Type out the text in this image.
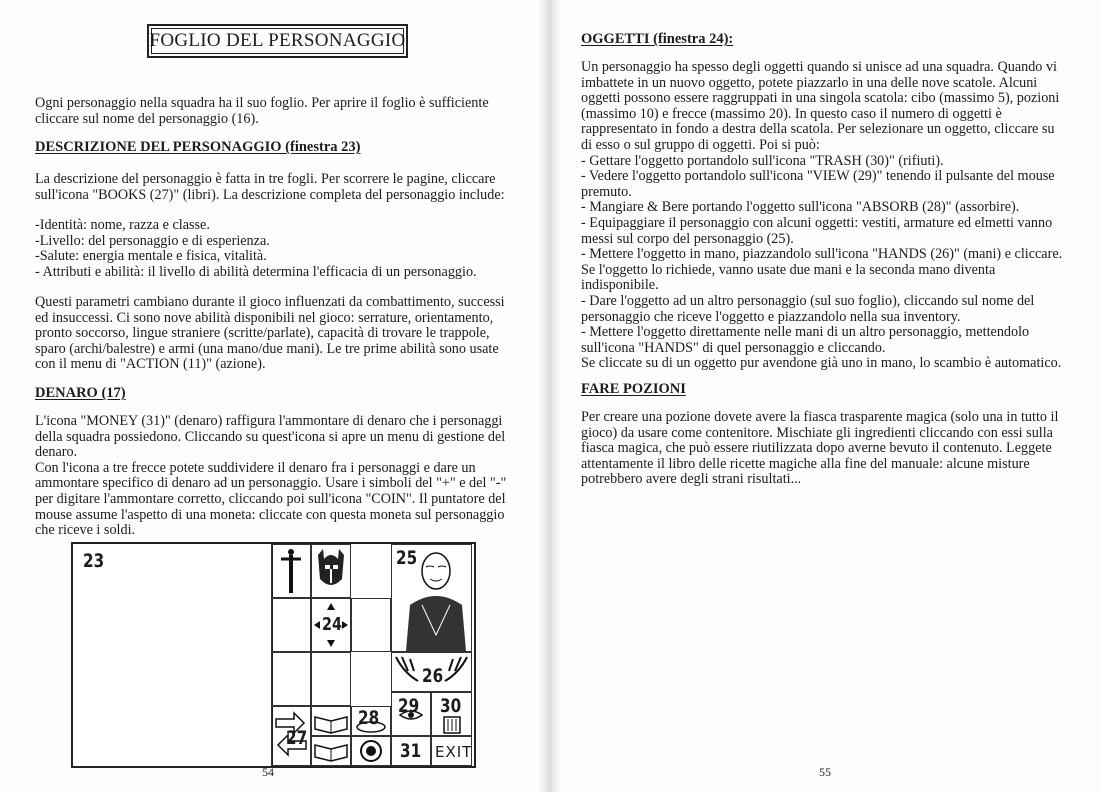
FOGLIO DEL PERSONAGGIO

Ogni personaggio nella squadra ha il suo foglio. Per aprire il foglio è sufficiente

cliccare sul nome del personaggio (16).

DESCRIZIONE DEL PERSONAGGIO (finestra 23)

La descrizione del personaggio è fatta in tre fogli. Per scorrere le pagine, cliccare

sull'icona "BOOKS (27)" (libri). La descrizione completa del personaggio include:

-Identità: nome, razza e classe.

-Livello: del personaggio e di esperienza.

-Salute: energia mentale e fisica, vitalità.

- Attributi e abilità: il livello di abilità determina l'efficacia di un personaggio.

Questi parametri cambiano durante il gioco influenzati da combattimento, successi

ed insuccessi. Ci sono nove abilità disponibili nel gioco: serrature, orientamento,

pronto soccorso, lingue straniere (scritte/parlate), capacità di trovare le trappole,

sparo (archi/balestre) e armi (una mano/due mani). Le tre prime abilità sono usate

con il menu di "ACTION (11)" (azione).

DENARO (17)

L'icona "MONEY (31)" (denaro) raffigura l'ammontare di denaro che i personaggi

della squadra possiedono. Cliccando su quest'icona si apre un menu di gestione del

denaro.

Con l'icona a tre frecce potete suddividere il denaro fra i personaggi e dare un

ammontare specifico di denaro ad un personaggio. Usare i simboli del "+" e del "-"

per digitare l'ammontare corretto, cliccando poi sull'icona "COIN". Il puntatore del

mouse assume l'aspetto di una moneta: cliccate con questa moneta sul personaggio

che riceve i soldi.

23
24
25
26
27
28
29 30
31 EXIT
54
OGGETTI (finestra 24):

Un personaggio ha spesso degli oggetti quando si unisce ad una squadra. Quando vi

imbattete in un nuovo oggetto, potete piazzarlo in una delle nove scatole. Alcuni

oggetti possono essere raggruppati in una singola scatola: cibo (massimo 5), pozioni

(massimo 10) e frecce (massimo 20). In questo caso il numero di oggetti è

rappresentato in fondo a destra della scatola. Per selezionare un oggetto, cliccare su

di esso o sul gruppo di oggetti. Poi si può:

- Gettare l'oggetto portandolo sull'icona "TRASH (30)" (rifiuti).

- Vedere l'oggetto portandolo sull'icona "VIEW (29)" tenendo il pulsante del mouse

premuto.

- Mangiare & Bere portando l'oggetto sull'icona "ABSORB (28)" (assorbire).

- Equipaggiare il personaggio con alcuni oggetti: vestiti, armature ed elmetti vanno

messi sul corpo del personaggio (25).

- Mettere l'oggetto in mano, piazzandolo sull'icona "HANDS (26)" (mani) e cliccare.

Se l'oggetto lo richiede, vanno usate due mani e la seconda mano diventa

indisponibile.

- Dare l'oggetto ad un altro personaggio (sul suo foglio), cliccando sul nome del

personaggio che riceve l'oggetto e piazzandolo nella sua inventory.

- Mettere l'oggetto direttamente nelle mani di un altro personaggio, mettendolo

sull'icona "HANDS" di quel personaggio e cliccando.

Se cliccate su di un oggetto pur avendone già uno in mano, lo scambio è automatico.

FARE POZIONI

Per creare una pozione dovete avere la fiasca trasparente magica (solo una in tutto il

gioco) da usare come contenitore. Mischiate gli ingredienti cliccando con essi sulla

fiasca magica, che può essere riutilizzata dopo averne bevuto il contenuto. Leggete

attentamente il libro delle ricette magiche alla fine del manuale: alcune misture

potrebbero avere degli strani risultati...

55
